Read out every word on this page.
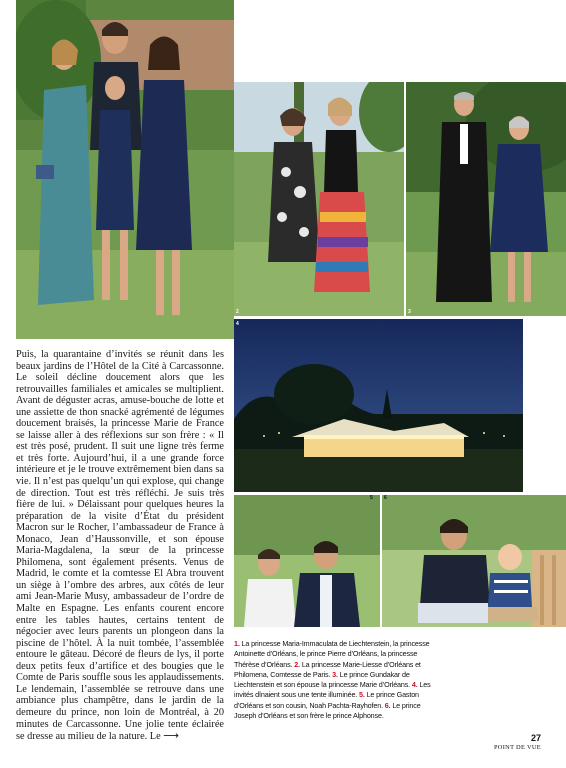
2	3
4
5 6

Puis, la quarantaine d’invités se réunit dans les beaux jardins de l’Hôtel de la Cité à Carcassonne. Le soleil décline doucement alors que les retrouvailles familiales et amicales se multiplient. Avant de déguster acras, amuse-bouche de lotte et une assiette de thon snacké agrémenté de légumes doucement braisés, la princesse Marie de France se laisse aller à des réflexions sur son frère : « Il est très posé, prudent. Il suit une ligne très ferme et très forte. Aujourd’hui, il a une grande force intérieure et je le trouve extrêmement bien dans sa vie. Il n’est pas quelqu’un qui explose, qui change de direction. Tout est très réfléchi. Je suis très fière de lui. » Délaissant pour quelques heures la préparation de la visite d’État du président Macron sur le Rocher, l’ambassadeur de France à Monaco, Jean d’Haussonville, et son épouse Maria-Magdalena, la sœur de la princesse Philomena, sont également présents. Venus de Madrid, le comte et la comtesse El Abra trouvent un siège à l’ombre des arbres, aux côtés de leur ami Jean-Marie Musy, ambassadeur de l’ordre de Malte en Espagne. Les enfants courent encore entre les tables hautes, certains tentent de négocier avec leurs parents un plongeon dans la piscine de l’hôtel. À la nuit tombée, l’assemblée entoure le gâteau. Décoré de fleurs de lys, il porte deux petits feux d’artifice et des bougies que le Comte de Paris souffle sous les applaudissements. Le lendemain, l’assemblée se retrouve dans une ambiance plus champêtre, dans le jardin de la demeure du prince, non loin de Montréal, à 20 minutes de Carcassonne. Une jolie tente éclairée se dresse au milieu de la nature. Le ⟶

1. La princesse Maria-Immaculata de Liechtenstein, la princesse Antoinette d’Orléans, le prince Pierre d’Orléans, la princesse Thérèse d’Orléans. 2. La princesse Marie-Liesse d’Orléans et Philomena, Comtesse de Paris. 3. Le prince Gundakar de Liechtenstein et son épouse la princesse Marie d’Orléans. 4. Les invités dînaient sous une tente illuminée. 5. Le prince Gaston d’Orléans et son cousin, Noah Pachta-Rayhofen. 6. Le prince Joseph d’Orléans et son frère le prince Alphonse.

27
POINT DE VUE
